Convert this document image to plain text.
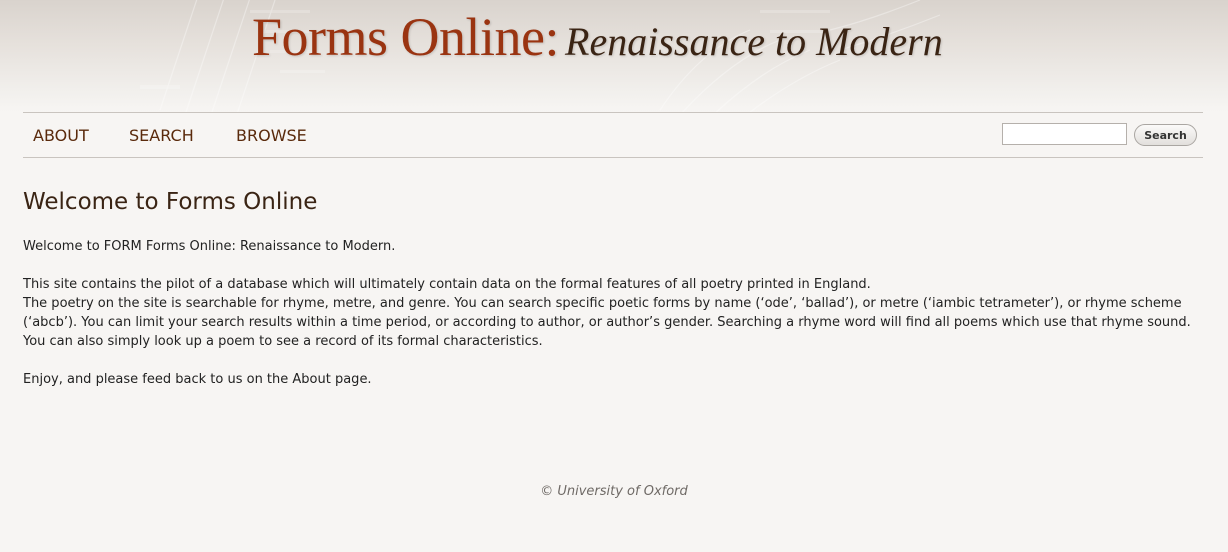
Forms Online: Renaissance to Modern
ABOUT	SEARCH	BROWSE	Search
Welcome to Forms Online

Welcome to FORM Forms Online: Renaissance to Modern.

This site contains the pilot of a database which will ultimately contain data on the formal features of all poetry printed in England.
The poetry on the site is searchable for rhyme, metre, and genre. You can search specific poetic forms by name (‘ode’, ‘ballad’), or metre (‘iambic tetrameter’), or rhyme scheme (‘abcb’). You can limit your search results within a time period, or according to author, or author’s gender. Searching a rhyme word will find all poems which use that rhyme sound. You can also simply look up a poem to see a record of its formal characteristics.

Enjoy, and please feed back to us on the About page.

© University of Oxford
